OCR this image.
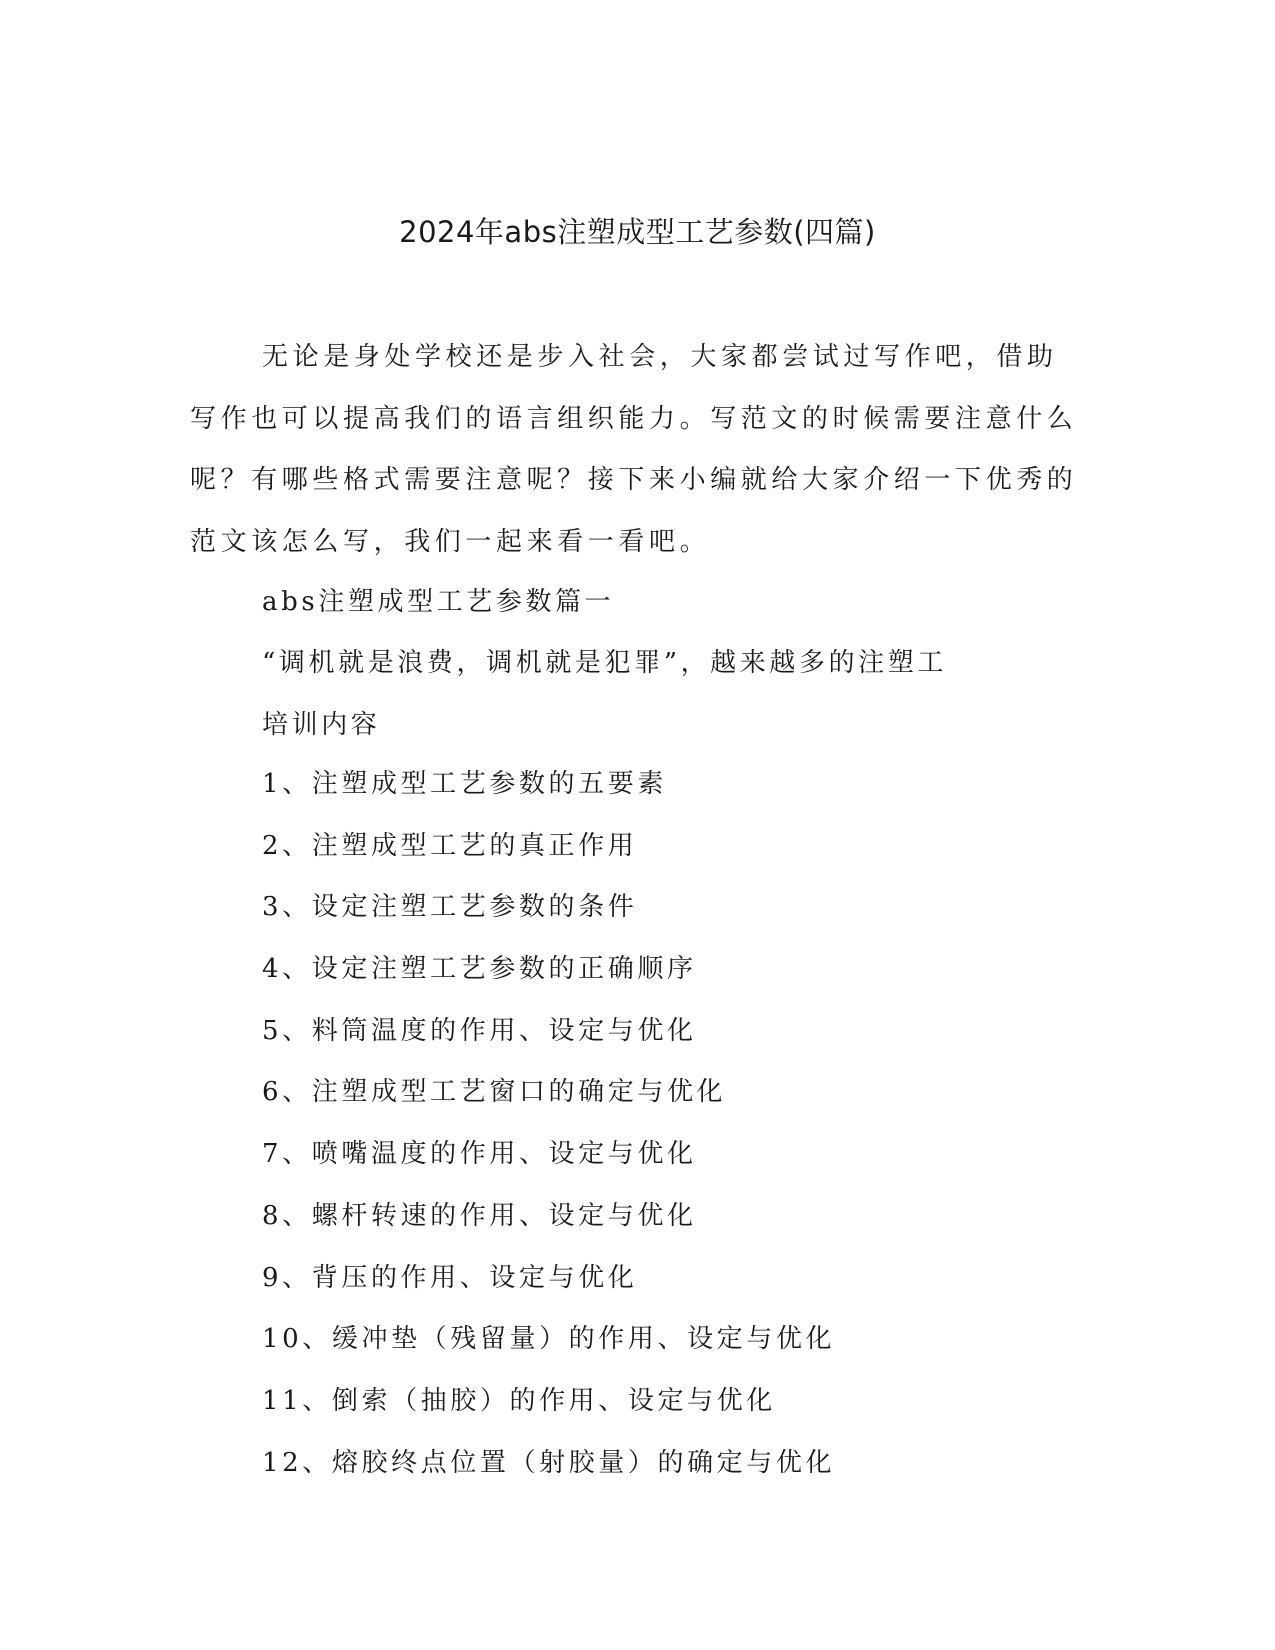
2024年abs注塑成型工艺参数(四篇)

无论是身处学校还是步入社会，大家都尝试过写作吧，借助写作也可以提高我们的语言组织能力。写范文的时候需要注意什么呢？有哪些格式需要注意呢？接下来小编就给大家介绍一下优秀的范文该怎么写，我们一起来看一看吧。

abs注塑成型工艺参数篇一

“调机就是浪费，调机就是犯罪”，越来越多的注塑工

培训内容

1、注塑成型工艺参数的五要素
2、注塑成型工艺的真正作用
3、设定注塑工艺参数的条件
4、设定注塑工艺参数的正确顺序
5、料筒温度的作用、设定与优化
6、注塑成型工艺窗口的确定与优化
7、喷嘴温度的作用、设定与优化
8、螺杆转速的作用、设定与优化
9、背压的作用、设定与优化
10、缓冲垫（残留量）的作用、设定与优化
11、倒索（抽胶）的作用、设定与优化
12、熔胶终点位置（射胶量）的确定与优化
